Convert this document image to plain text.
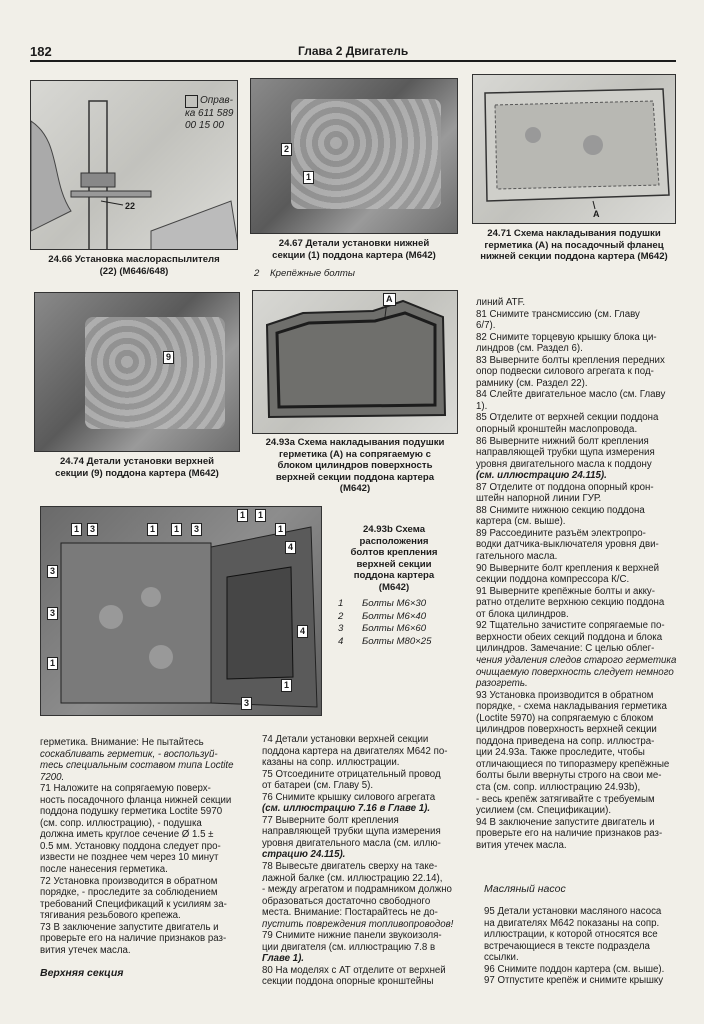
182	Глава 2 Двигатель
Оправ-
ка 611 589
00 15 00
22
24.66 Установка маслораспылителя
(22) (M646/648)
2
1
24.67 Детали установки нижней
секции (1) поддона картера (M642)
2 Крепёжные болты
A
24.71 Схема накладывания подушки
герметика (A) на посадочный фланец
нижней секции поддона картера (M642)
9
24.74 Детали установки верхней
секции (9) поддона картера (M642)
A
24.93a Схема накладывания подушки
герметика (A) на сопрягаемую с
блоком цилиндров поверхность
верхней секции поддона картера
(M642)
1	3	1	1	3
3
3
1
1	1
1
4
4
1
3
24.93b Схема
расположения
болтов крепления
верхней секции
поддона картера
(M642)
1 Болты M6×30
2 Болты M6×40
3 Болты M6×60
4 Болты M80×25

герметика. Внимание: Не пытайтесь

соскабливать герметик, - воспользуй-

тесь специальным составом типа Loctite

7200.

71 Наложите на сопрягаемую поверх-

ность посадочного фланца нижней секции

поддона подушку герметика Loctite 5970

(см. сопр. иллюстрацию), - подушка

должна иметь круглое сечение Ø 1.5 ±

0.5 мм. Установку поддона следует про-

извести не позднее чем через 10 минут

после нанесения герметика.

72 Установка производится в обратном

порядке, - проследите за соблюдением

требований Спецификаций к усилиям за-

тягивания резьбового крепежа.

73 В заключение запустите двигатель и

проверьте его на наличие признаков раз-

вития утечек масла.

Верхняя секция

74 Детали установки верхней секции

поддона картера на двигателях M642 по-

казаны на сопр. иллюстрации.

75 Отсоедините отрицательный провод

от батареи (см. Главу 5).

76 Снимите крышку силового агрегата

(см. иллюстрацию 7.16 в Главе 1).

77 Выверните болт крепления

направляющей трубки щупа измерения

уровня двигательного масла (см. иллю-

страцию 24.115).

78 Вывесьте двигатель сверху на таке-

лажной балке (см. иллюстрацию 22.14),

- между агрегатом и подрамником должно

образоваться достаточно свободного

места. Внимание: Постарайтесь не до-

пустить повреждения топливопроводов!

79 Снимите нижние панели звукоизоля-

ции двигателя (см. иллюстрацию 7.8 в

Главе 1).

80 На моделях с AT отделите от верхней

секции поддона опорные кронштейны

линий ATF.

81 Снимите трансмиссию (см. Главу

6/7).

82 Снимите торцевую крышку блока ци-

линдров (см. Раздел 6).

83 Выверните болты крепления передних

опор подвески силового агрегата к под-

рамнику (см. Раздел 22).

84 Слейте двигательное масло (см. Главу

1).

85 Отделите от верхней секции поддона

опорный кронштейн маслопровода.

86 Выверните нижний болт крепления

направляющей трубки щупа измерения

уровня двигательного масла к поддону

(см. иллюстрацию 24.115).

87 Отделите от поддона опорный крон-

штейн напорной линии ГУР.

88 Снимите нижнюю секцию поддона

картера (см. выше).

89 Рассоедините разъём электропро-

водки датчика-выключателя уровня дви-

гательного масла.

90 Выверните болт крепления к верхней

секции поддона компрессора К/С.

91 Выверните крепёжные болты и акку-

ратно отделите верхнюю секцию поддона

от блока цилиндров.

92 Тщательно зачистите сопрягаемые по-

верхности обеих секций поддона и блока

цилиндров. Замечание: С целью облег-

чения удаления следов старого герметика

очищаемую поверхность следует немного

разогреть.

93 Установка производится в обратном

порядке, - схема накладывания герметика

(Loctite 5970) на сопрягаемую с блоком

цилиндров поверхность верхней секции

поддона приведена на сопр. иллюстра-

ции 24.93a. Также проследите, чтобы

отличающиеся по типоразмеру крепёжные

болты были ввернуты строго на свои ме-

ста (см. сопр. иллюстрацию 24.93b),

- весь крепёж затягивайте с требуемым

усилием (см. Спецификации).

94 В заключение запустите двигатель и

проверьте его на наличие признаков раз-

вития утечек масла.

Масляный насос

95 Детали установки масляного насоса

на двигателях M642 показаны на сопр.

иллюстрации, к которой относятся все

встречающиеся в тексте подраздела

ссылки.

96 Снимите поддон картера (см. выше).

97 Отпустите крепёж и снимите крышку
